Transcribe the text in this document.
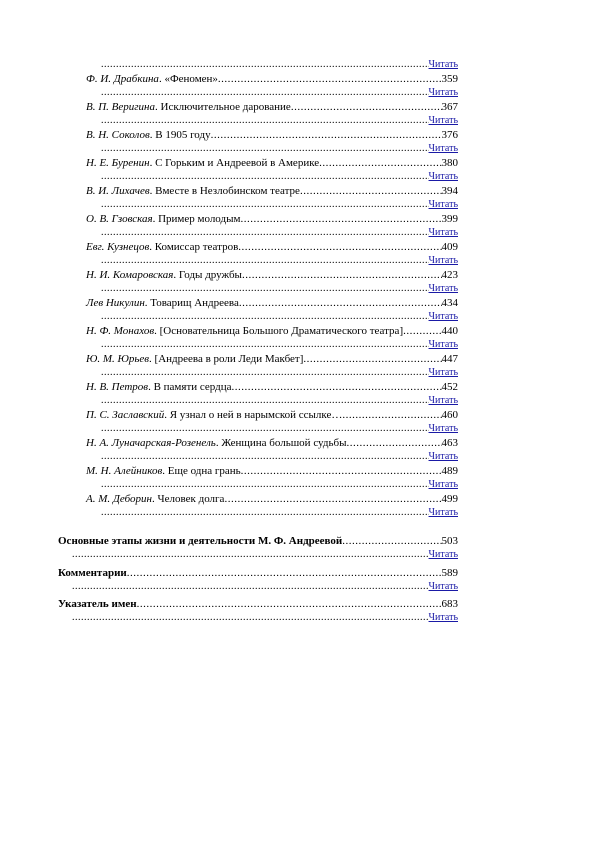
.....
Читать
Ф. И. Драбкина . «Феномен» .....	359
.....
Читать
В. П. Веригина . Исключительное дарование .....	367
.....
Читать
В. Н. Соколов . В 1905 году .....	376
.....
Читать
Н. Е. Буренин . С Горьким и Андреевой в Америке .....	380
.....
Читать
В. И. Лихачев . Вместе в Незлобинском театре .....	394
.....
Читать
О. В. Гзовская . Пример молодым .....	399
.....
Читать
Евг. Кузнецов . Комиссар театров .....	409
.....
Читать
Н. И. Комаровская . Годы дружбы .....	423
.....
Читать
Лев Никулин . Товарищ Андреева .....	434
.....
Читать
Н. Ф. Монахов . [Основательница Большого Драматического театра] .....	440
.....
Читать
Ю. М. Юрьев . [Андреева в роли Леди Макбет] .....	447
.....
Читать
Н. В. Петров . В памяти сердца .....	452
.....
Читать
П. С. Заславский . Я узнал о ней в нарымской ссылке… .....	460
.....
Читать
Н. А. Луначарская-Розенель . Женщина большой судьбы .....	463
.....
Читать
М. Н. Алейников . Еще одна грань .....	489
.....
Читать
А. М. Деборин . Человек долга .....	499
.....
Читать
Основные этапы жизни и деятельности М. Ф. Андреевой .....	503
.....
Читать
Комментарии .....	589
.....
Читать
Указатель имен .....	683
.....
Читать
